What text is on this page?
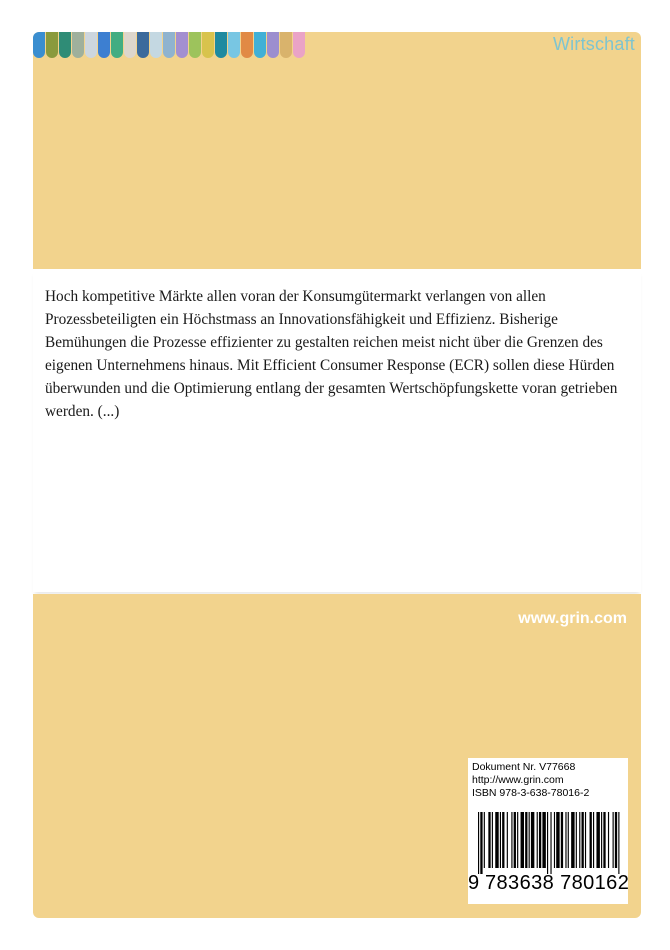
Wirtschaft

Hoch kompetitive Märkte allen voran der Konsumgütermarkt verlangen von allen Prozessbeteiligten ein Höchstmass an Innovationsfähigkeit und Effizienz. Bisherige Bemühungen die Prozesse effizienter zu gestalten reichen meist nicht über die Grenzen des eigenen Unternehmens hinaus. Mit Efficient Consumer Response (ECR) sollen diese Hürden überwunden und die Optimierung entlang der gesamten Wertschöpfungskette voran getrieben werden. (...)

www.grin.com
Dokument Nr. V77668
http://www.grin.com
ISBN 978-3-638-78016-2
9 783638 780162
